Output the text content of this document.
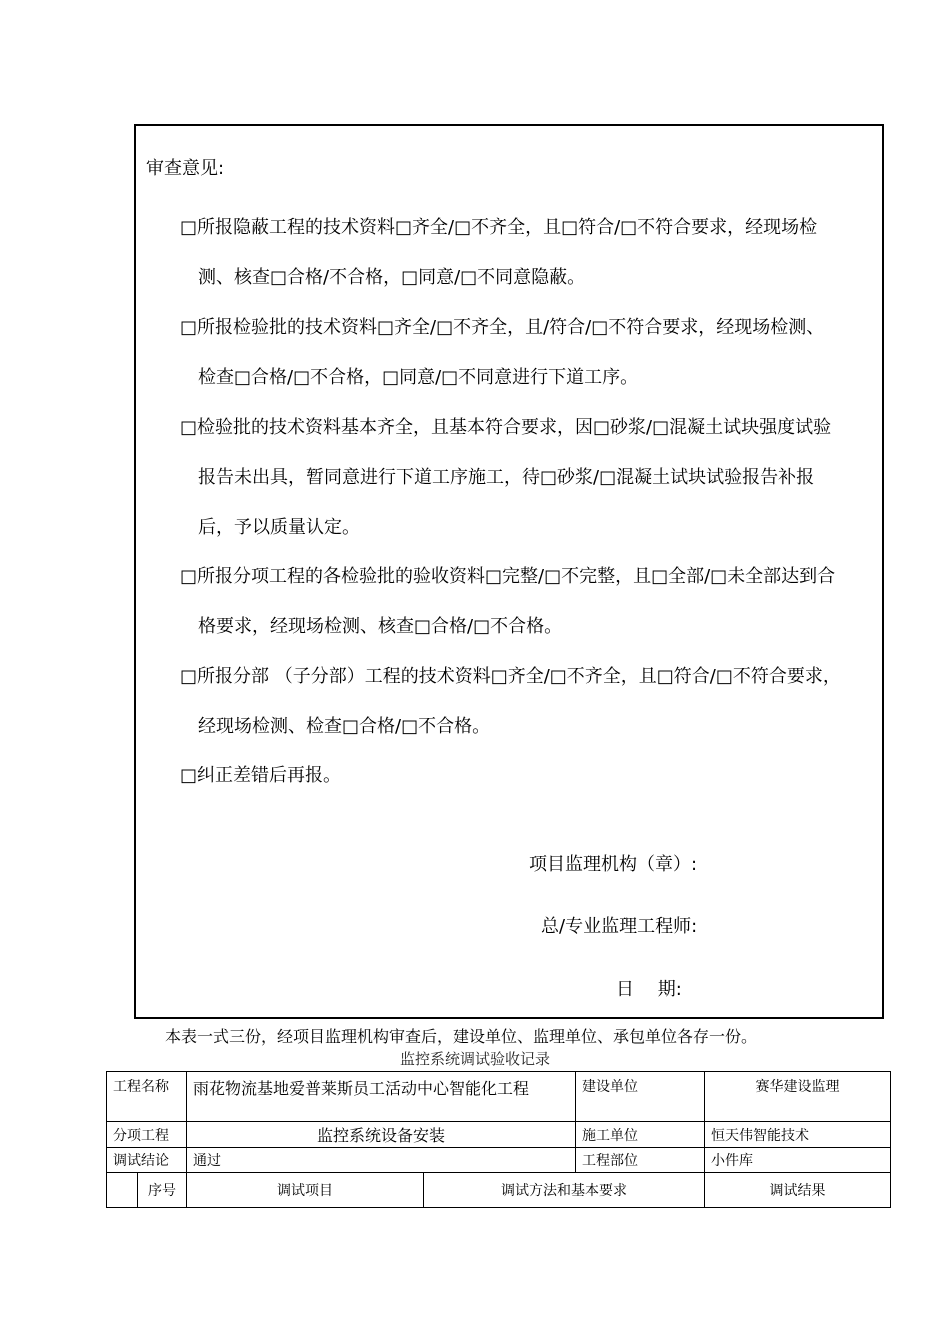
审查意见:
□所报隐蔽工程的技术资料□齐全/□不齐全，且□符合/□不符合要求，经现场检
测、核查□合格/不合格，□同意/□不同意隐蔽。
□所报检验批的技术资料□齐全/□不齐全，且/符合/□不符合要求，经现场检测、
检查□合格/□不合格，□同意/□不同意进行下道工序。
□检验批的技术资料基本齐全，且基本符合要求，因□砂浆/□混凝土试块强度试验
报告未出具，暂同意进行下道工序施工，待□砂浆/□混凝土试块试验报告补报
后，予以质量认定。
□所报分项工程的各检验批的验收资料□完整/□不完整，且□全部/□未全部达到合
格要求，经现场检测、核查□合格/□不合格。
□所报分部 （子分部）工程的技术资料□齐全/□不齐全，且□符合/□不符合要求，
经现场检测、检查□合格/□不合格。
□纠正差错后再报。
项目监理机构（章）:
总/专业监理工程师:
日　 期:
本表一式三份，经项目监理机构审查后，建设单位、监理单位、承包单位各存一份。
监控系统调试验收记录
工程名称		雨花物流基地爱普莱斯员工活动中心智能化工程		建设单位	赛华建设监理
分项工程		监控系统设备安装		施工单位	恒天伟智能技术
调试结论		通过		工程部位	小件库
	序号	调试项目	调试方法和基本要求		调试结果
